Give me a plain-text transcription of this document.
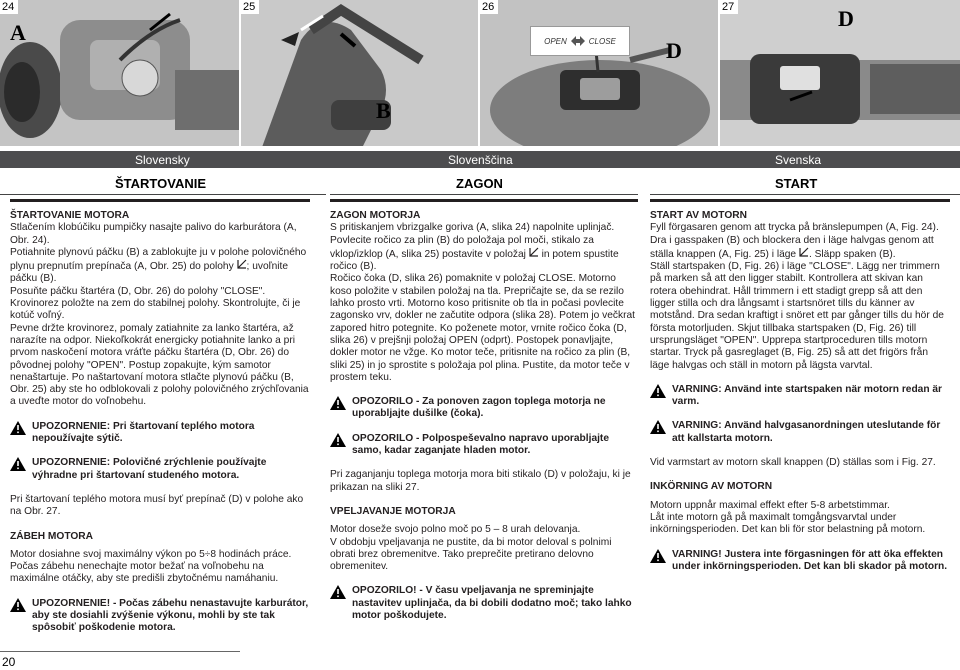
24
A
25
B
26
D
OPEN	CLOSE
27	D
Slovensky	Slovenščina	Svenska
ŠTARTOVANIE	ZAGON	START
ŠTARTOVANIE MOTORA

Stlačením klobúčiku pumpičky nasajte palivo do karburátora (A, Obr. 24).

Potiahnite plynovú páčku (B) a zablokujte ju v polohe polovičného plynu prepnutím prepínača (A, Obr. 25) do polohy ; uvoľnite páčku (B).

Posuňte páčku štartéra (D, Obr. 26) do polohy "CLOSE".

Krovinorez položte na zem do stabilnej polohy. Skontrolujte, či je kotúč voľný.

Pevne držte krovinorez, pomaly zatiahnite za lanko štartéra, až narazíte na odpor. Niekoľkokrát energicky potiahnite lanko a pri prvom naskočení motora vráťte páčku štartéra (D, Obr. 26) do pôvodnej polohy "OPEN". Postup zopakujte, kým samotor nenaštartuje. Po naštartovaní motora stlačte plynovú páčku (B, Obr. 25) aby ste ho odblokovali z polohy polovičného zrýchľovania a uveďte motor do voľnobehu.

UPOZORNENIE: Pri štartovaní teplého motora nepoužívajte sýtič.

UPOZORNENIE: Polovičné zrýchlenie používajte výhradne pri štartovaní studeného motora.

Pri štartovaní teplého motora musí byť prepínač (D) v polohe ako na Obr. 27.

ZÁBEH MOTORA

Motor dosiahne svoj maximálny výkon po 5÷8 hodinách práce.

Počas zábehu nenechajte motor bežať na voľnobehu na maximálne otáčky, aby ste predišli zbytočnému namáhaniu.

UPOZORNENIE! - Počas zábehu nenastavujte karburátor, aby ste dosiahli zvýšenie výkonu, mohli by ste tak spôsobiť poškodenie motora.

ZAGON MOTORJA

S pritiskanjem vbrizgalke goriva (A, slika 24) napolnite uplinjač.

Povlecite ročico za plin (B) do položaja pol moči, stikalo za vklop/izklop (A, slika 25) postavite v položaj in potem spustite ročico (B).

Ročico čoka (D, slika 26) pomaknite v položaj CLOSE. Motorno koso položite v stabilen položaj na tla. Prepričajte se, da se rezilo lahko prosto vrti. Motorno koso pritisnite ob tla in počasi povlecite zagonsko vrv, dokler ne začutite odpora (slika 28). Potem jo večkrat zapored hitro potegnite. Ko poženete motor, vrnite ročico čoka (D, slika 26) v prejšnji položaj OPEN (odprt). Postopek ponavljajte, dokler motor ne vžge. Ko motor teče, pritisnite na ročico za plin (B, sliki 25) in jo sprostite s položaja pol plina. Pustite, da motor teče v prostem teku.

OPOZORILO - Za ponoven zagon toplega motorja ne uporabljajte dušilke (čoka).

OPOZORILO - Polpospeševalno napravo uporabljajte samo, kadar zaganjate hladen motor.

Pri zaganjanju toplega motorja mora biti stikalo (D) v položaju, ki je prikazan na sliki 27.

VPELJAVANJE MOTORJA

Motor doseže svojo polno moč po 5 – 8 urah delovanja.

V obdobju vpeljavanja ne pustite, da bi motor deloval s polnimi obrati brez obremenitve. Tako preprečite pretirano delovno obremenitev.

OPOZORILO! - V času vpeljavanja ne spreminjajte nastavitev uplinjača, da bi dobili dodatno moč; tako lahko motor poškodujete.

START AV MOTORN

Fyll förgasaren genom att trycka på bränslepumpen (A, Fig. 24).

Dra i gasspaken (B) och blockera den i läge halvgas genom att ställa knappen (A, Fig. 25) i läge . Släpp spaken (B).

Ställ startspaken (D, Fig. 26) i läge "CLOSE". Lägg ner trimmern på marken så att den ligger stabilt. Kontrollera att skivan kan rotera obehindrat. Håll trimmern i ett stadigt grepp så att den ligger stilla och dra långsamt i startsnöret tills du känner av motstånd. Dra sedan kraftigt i snöret ett par gånger tills du hör de första motorljuden. Skjut tillbaka startspaken (D, Fig. 26) till ursprungsläget "OPEN". Upprepa startproceduren tills motorn startar. Tryck på gasreglaget (B, Fig. 25) så att det frigörs från läge halvgas och ställ in motorn på lägsta varvtal.

VARNING: Använd inte startspaken när motorn redan är varm.

VARNING: Använd halvgasanordningen uteslutande för att kallstarta motorn.

Vid varmstart av motorn skall knappen (D) ställas som i Fig. 27.

INKÖRNING AV MOTORN

Motorn uppnår maximal effekt efter 5-8 arbetstimmar.

Låt inte motorn gå på maximalt tomgångsvarvtal under inkörningsperioden. Det kan bli för stor belastning på motorn.

VARNING! Justera inte förgasningen för att öka effekten under inkörningsperioden. Det kan bli skador på motorn.

20
